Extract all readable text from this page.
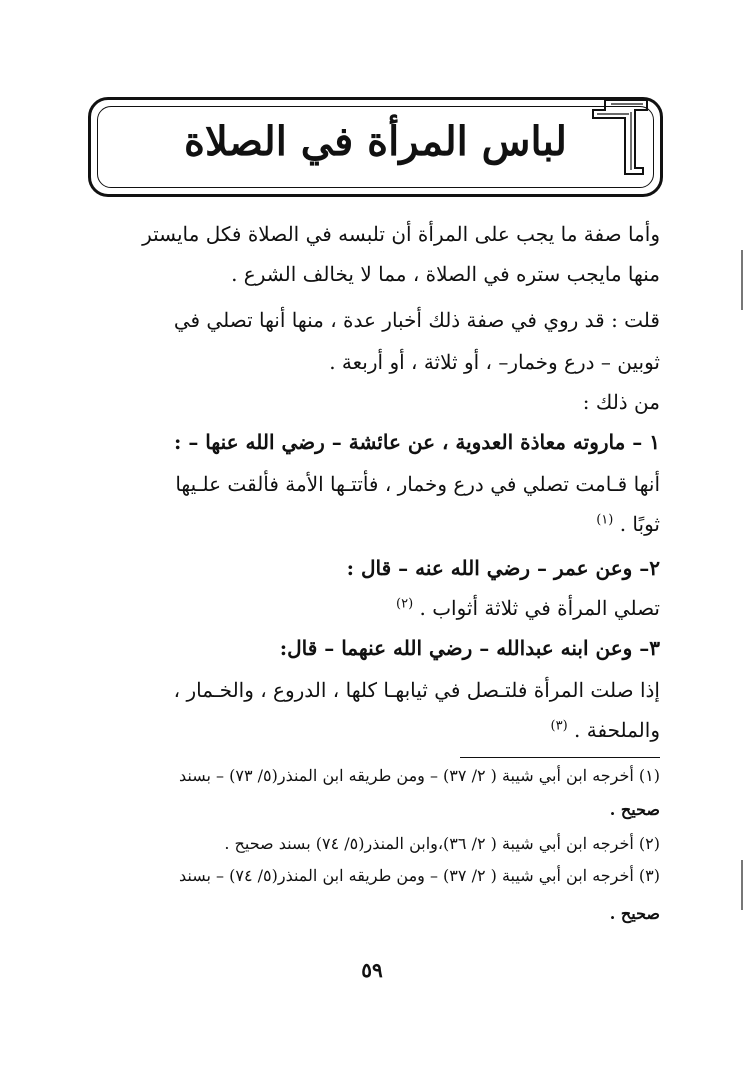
لباس المرأة في الصلاة
وأما صفة ما يجب على المرأة أن تلبسه في الصلاة فكل مايستر
منها مايجب ستره في الصلاة ، مما لا يخالف الشرع .
قلت : قد روي في صفة ذلك أخبار عدة ، منها أنها تصلي في
ثوبين – درع وخمار– ، أو ثلاثة ، أو أربعة .
من ذلك :
١ – ماروته معاذة العدوية ، عن عائشة – رضي الله عنها – :
أنها قـامت تصلي في درع وخمار ، فأتتـها الأمة فألقت علـيها
ثوبًا . $^{(١)}$
٢– وعن عمر – رضي الله عنه – قال :
تصلي المرأة في ثلاثة أثواب . $^{(٢)}$
٣– وعن ابنه عبدالله – رضي الله عنهما – قال:
إذا صلت المرأة فلتـصل في ثيابهـا كلها ، الدروع ، والخـمار ،
والملحفة . $^{(٣)}$
(١) أخرجه ابن أبي شيبة ( ٢/ ٣٧) – ومن طريقه ابن المنذر(٥/ ٧٣) – بسند
صحيح .
(٢) أخرجه ابن أبي شيبة ( ٢/ ٣٦)،وابن المنذر(٥/ ٧٤) بسند صحيح .
(٣) أخرجه ابن أبي شيبة ( ٢/ ٣٧) – ومن طريقه ابن المنذر(٥/ ٧٤) – بسند
صحيح .
٥٩
